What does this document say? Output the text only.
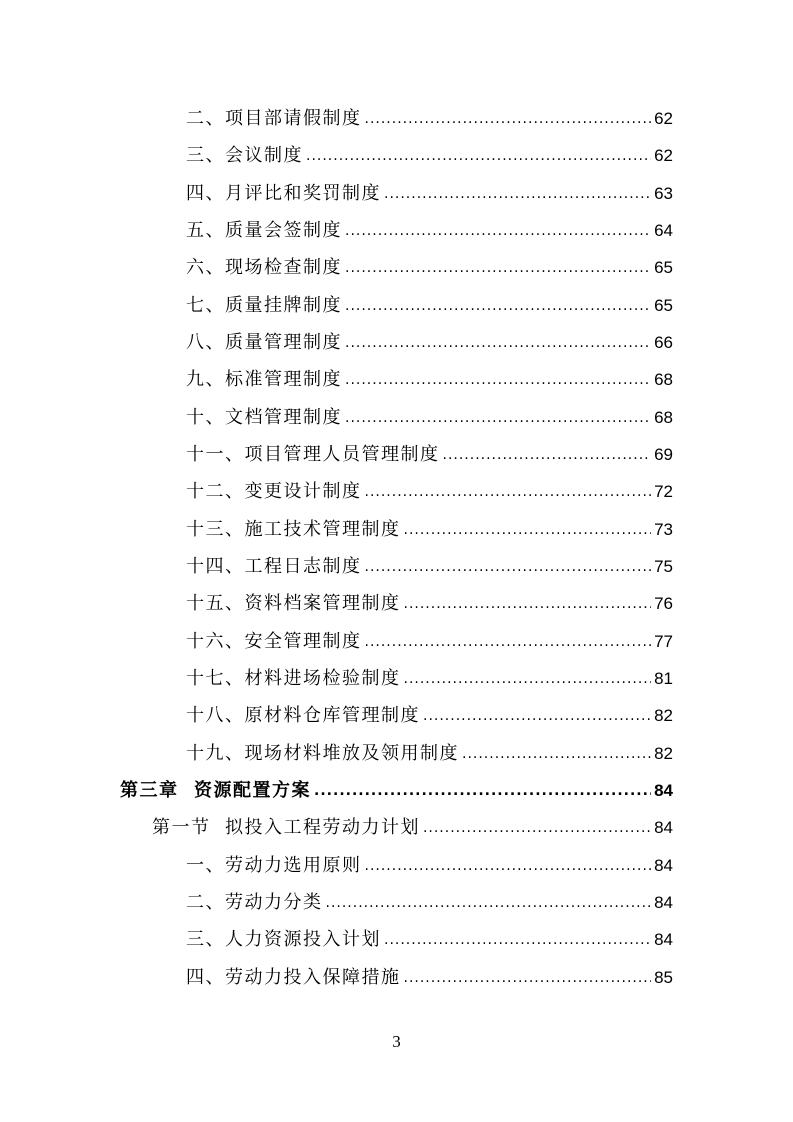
二、项目部请假制度 .....	62
三、会议制度 .....	62
四、月评比和奖罚制度 .....	63
五、质量会签制度 .....	64
六、现场检查制度 .....	65
七、质量挂牌制度 .....	65
八、质量管理制度 .....	66
九、标准管理制度 .....	68
十、文档管理制度 .....	68
十一、项目管理人员管理制度 .....	69
十二、变更设计制度 .....	72
十三、施工技术管理制度 .....	73
十四、工程日志制度 .....	75
十五、资料档案管理制度 .....	76
十六、安全管理制度 .....	77
十七、材料进场检验制度 .....	81
十八、原材料仓库管理制度 .....	82
十九、现场材料堆放及领用制度 .....	82
第三章  资源配置方案 .....	84
第一节  拟投入工程劳动力计划 .....	84
一、劳动力选用原则 .....	84
二、劳动力分类 .....	84
三、人力资源投入计划 .....	84
四、劳动力投入保障措施 .....	85
3
